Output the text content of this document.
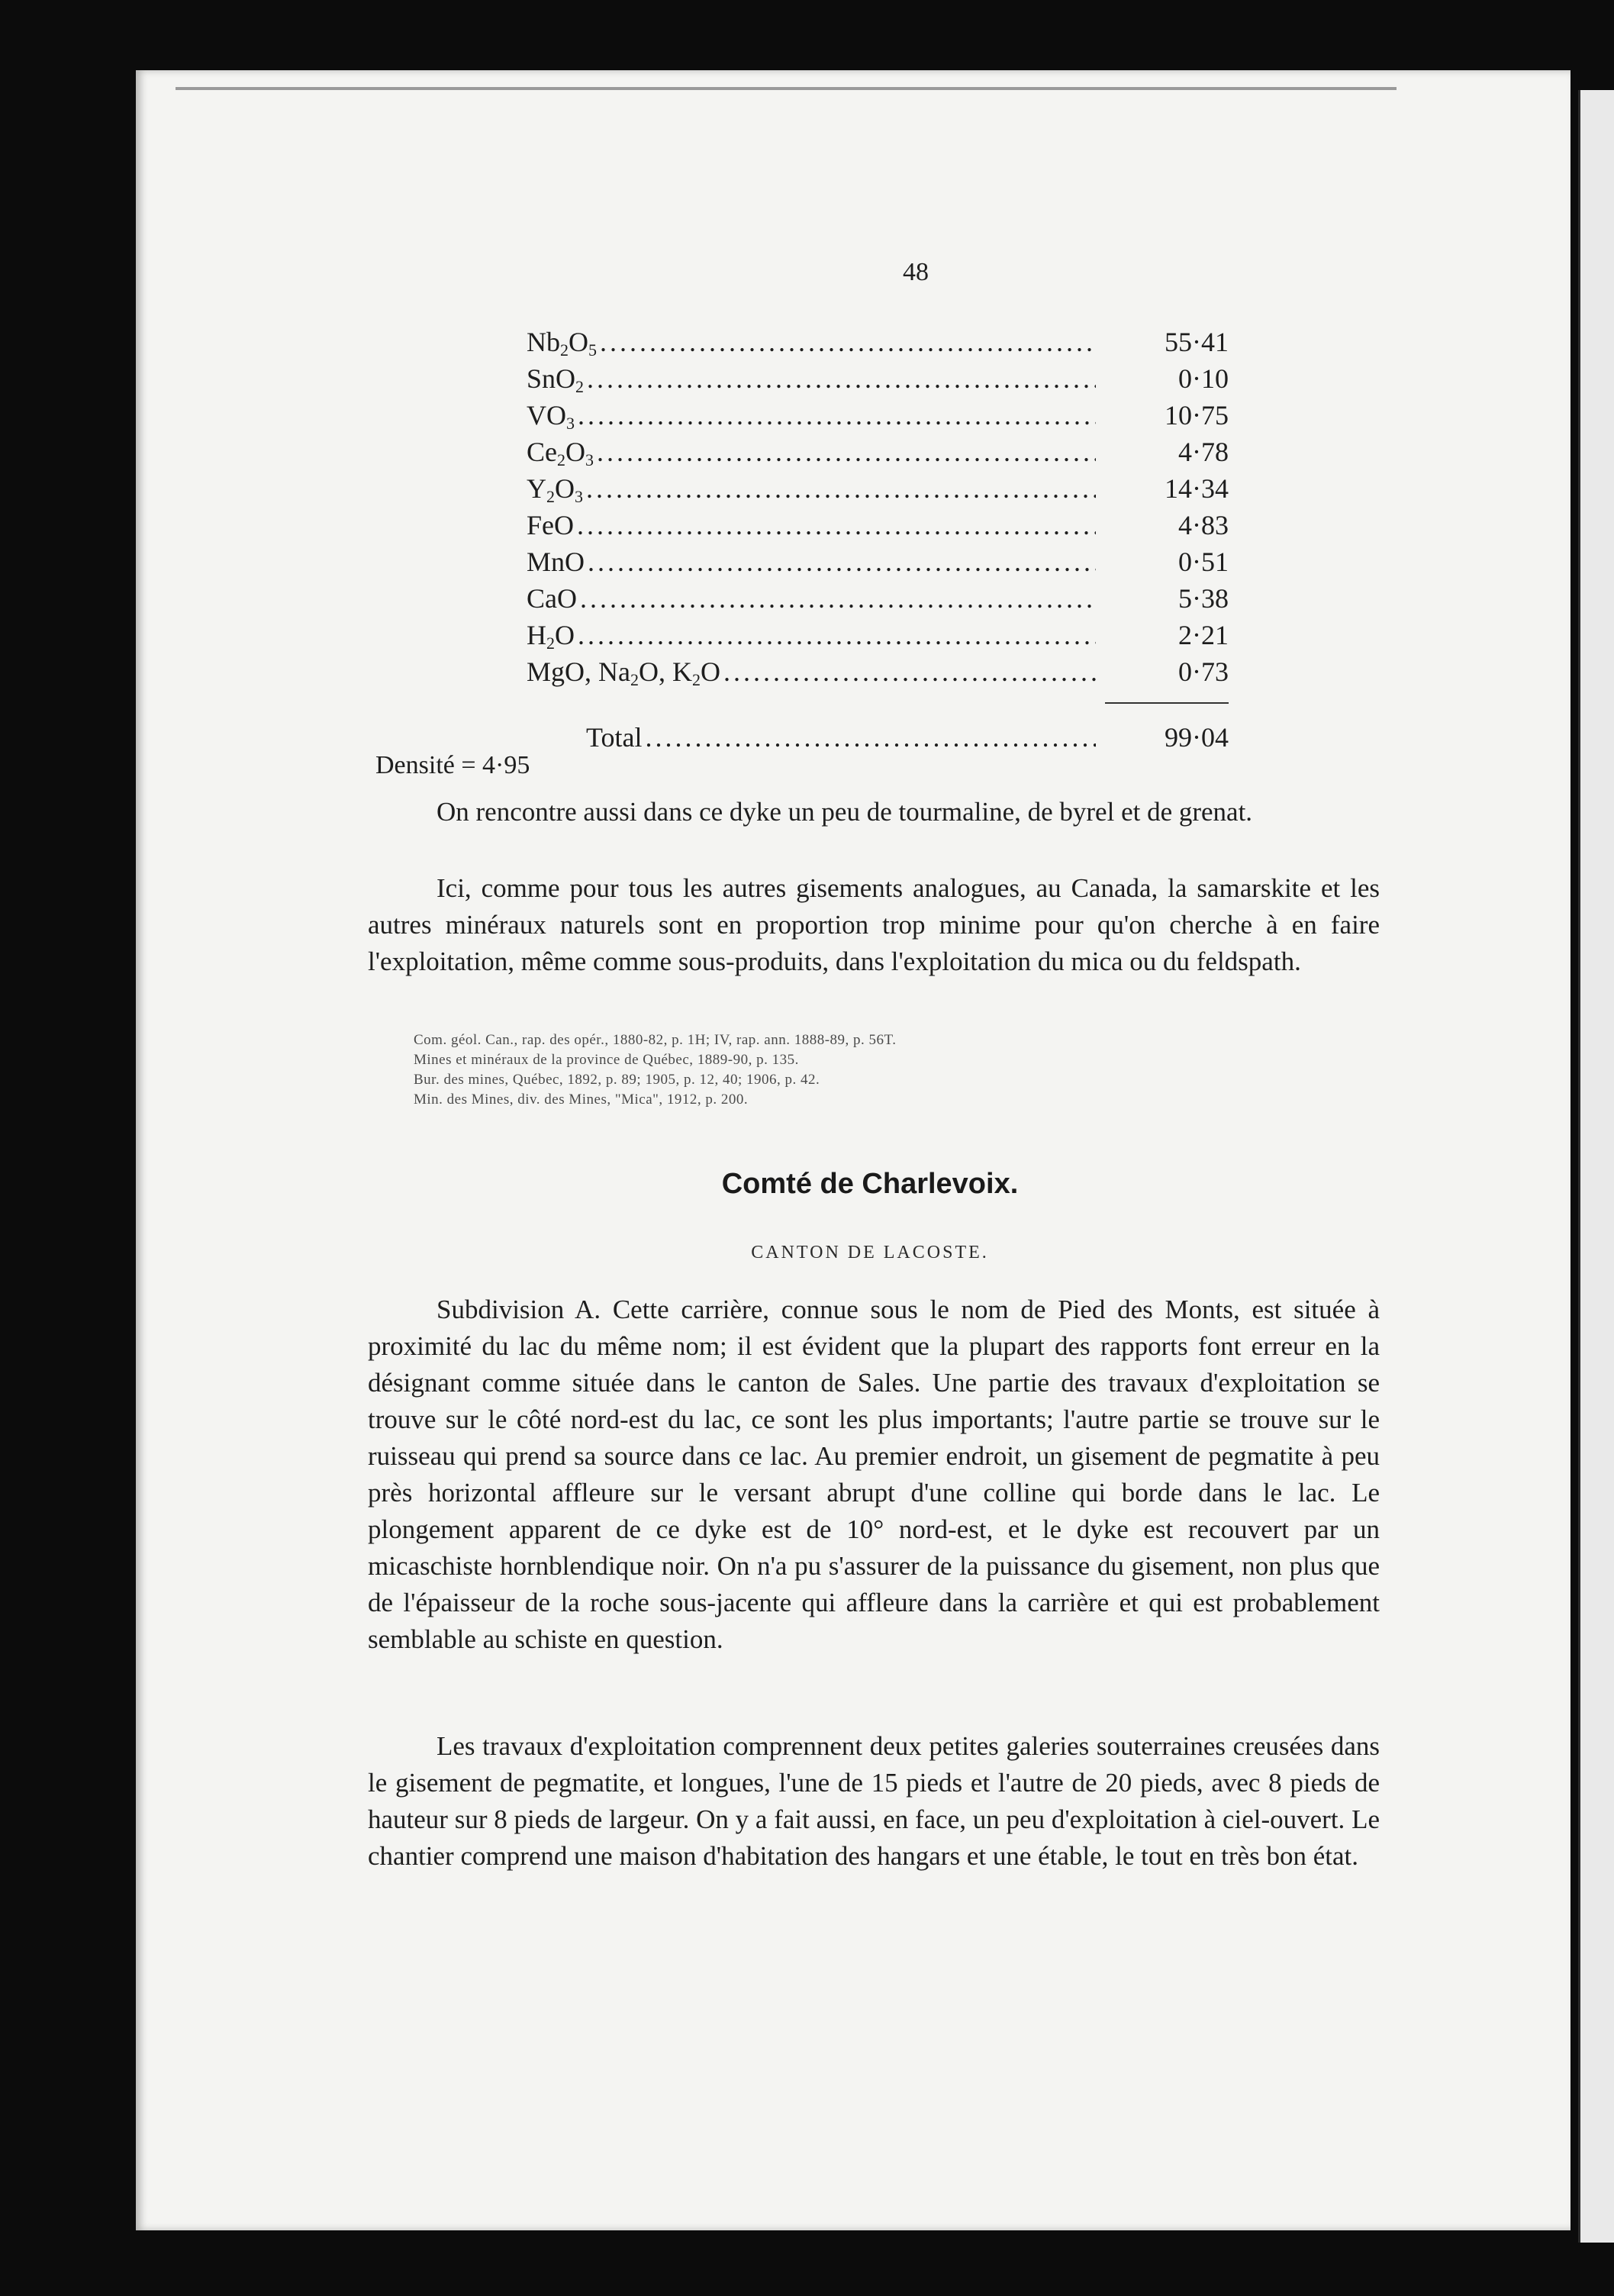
48
$Nb_2O_5$ .....	55·41
SnO$_2$ .....	0·10
$VO_3$ .....	10·75
$Ce_2O_3$ .....	4·78
$Y_2O_3$ .....	14·34
FeO .....	4·83
MnO .....	0·51
CaO .....	5·38
$H_2O$ .....	2·21
MgO, $Na_2O$, $K_2O$ .....	0·73
Total .....	99·04
Densité = 4·95

On rencontre aussi dans ce dyke un peu de tourmaline, de byrel et de grenat.

Ici, comme pour tous les autres gisements analogues, au Canada, la samarskite et les autres minéraux naturels sont en proportion trop minime pour qu'on cherche à en faire l'exploitation, même comme sous-produits, dans l'exploitation du mica ou du feldspath.

Com. géol. Can., rap. des opér., 1880-82, p. 1H; IV, rap. ann. 1888-89, p. 56T.
Mines et minéraux de la province de Québec, 1889-90, p. 135.
Bur. des mines, Québec, 1892, p. 89; 1905, p. 12, 40; 1906, p. 42.
Min. des Mines, div. des Mines, "Mica", 1912, p. 200.
Comté de Charlevoix.
CANTON DE LACOSTE.

Subdivision A. Cette carrière, connue sous le nom de Pied des Monts, est située à proximité du lac du même nom; il est évident que la plupart des rapports font erreur en la désignant comme située dans le canton de Sales. Une partie des travaux d'exploitation se trouve sur le côté nord-est du lac, ce sont les plus importants; l'autre partie se trouve sur le ruisseau qui prend sa source dans ce lac. Au premier endroit, un gisement de pegmatite à peu près horizontal affleure sur le versant abrupt d'une colline qui borde dans le lac. Le plongement apparent de ce dyke est de 10° nord-est, et le dyke est recouvert par un micaschiste hornblendique noir. On n'a pu s'assurer de la puissance du gisement, non plus que de l'épaisseur de la roche sous-jacente qui affleure dans la carrière et qui est probablement semblable au schiste en question.

Les travaux d'exploitation comprennent deux petites galeries souterraines creusées dans le gisement de pegmatite, et longues, l'une de 15 pieds et l'autre de 20 pieds, avec 8 pieds de hauteur sur 8 pieds de largeur. On y a fait aussi, en face, un peu d'exploitation à ciel-ouvert. Le chantier comprend une maison d'habitation des hangars et une étable, le tout en très bon état.
